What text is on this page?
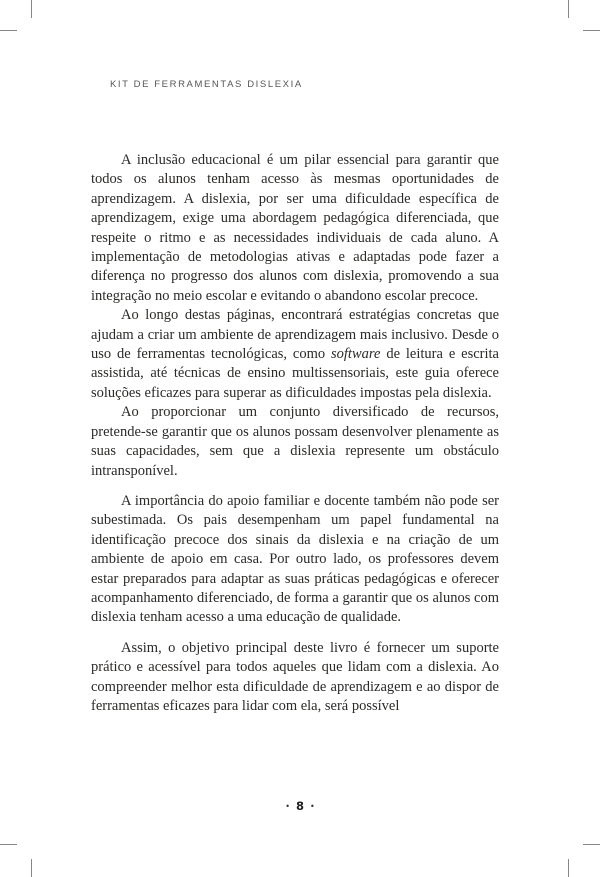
KIT DE FERRAMENTAS DISLEXIA

A inclusão educacional é um pilar essencial para garantir que todos os alunos tenham acesso às mesmas oportunidades de aprendizagem. A dislexia, por ser uma dificuldade específica de aprendizagem, exige uma abordagem pedagógica diferenciada, que respeite o ritmo e as necessidades individuais de cada aluno. A implementação de metodologias ativas e adaptadas pode fazer a diferença no progresso dos alunos com dislexia, promovendo a sua integração no meio escolar e evitando o abandono escolar precoce.

Ao longo destas páginas, encontrará estratégias concretas que ajudam a criar um ambiente de aprendizagem mais inclusivo. Desde o uso de ferramentas tecnológicas, como software de leitura e escrita assistida, até técnicas de ensino multissensoriais, este guia oferece soluções eficazes para superar as dificuldades impostas pela dislexia.

Ao proporcionar um conjunto diversificado de recursos, pretende-se garantir que os alunos possam desenvolver plenamente as suas capacidades, sem que a dislexia represente um obstáculo intransponível.

A importância do apoio familiar e docente também não pode ser subestimada. Os pais desempenham um papel fundamental na identificação precoce dos sinais da dislexia e na criação de um ambiente de apoio em casa. Por outro lado, os professores devem estar preparados para adaptar as suas práticas pedagógicas e oferecer acompanhamento diferenciado, de forma a garantir que os alunos com dislexia tenham acesso a uma educação de qualidade.

Assim, o objetivo principal deste livro é fornecer um suporte prático e acessível para todos aqueles que lidam com a dislexia. Ao compreender melhor esta dificuldade de aprendizagem e ao dispor de ferramentas eficazes para lidar com ela, será possível

• 8 •
